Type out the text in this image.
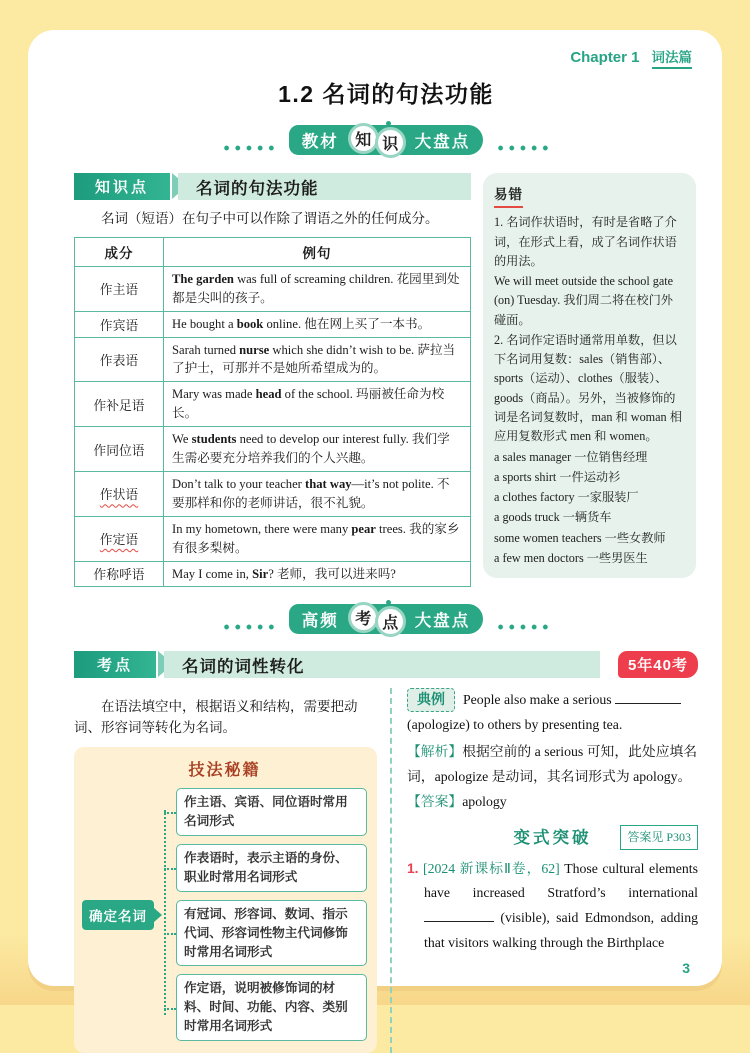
Chapter 1 词法篇
1.2 名词的句法功能
教材	知 识	大盘点
知识点	名词的句法功能
名词（短语）在句子中可以作除了谓语之外的任何成分。
成分	例句
作主语	The garden was full of screaming children. 花园里到处都是尖叫的孩子。
作宾语	He bought a book online. 他在网上买了一本书。
作表语	Sarah turned nurse which she didn’t wish to be. 萨拉当了护士，可那并不是她所希望成为的。
作补足语	Mary was made head of the school. 玛丽被任命为校长。
作同位语	We students need to develop our interest fully. 我们学生需必要充分培养我们的个人兴趣。
作状语	Don’t talk to your teacher that way—it’s not polite. 不要那样和你的老师讲话，很不礼貌。
作定语	In my hometown, there were many pear trees. 我的家乡有很多梨树。
作称呼语	May I come in, Sir? 老师，我可以进来吗?
易错

1. 名词作状语时，有时是省略了介词，在形式上看，成了名词作状语的用法。

We will meet outside the school gate (on) Tuesday. 我们周二将在校门外碰面。

2. 名词作定语时通常用单数，但以下名词用复数：sales（销售部）、sports（运动）、clothes（服装）、goods（商品）。另外，当被修饰的词是名词复数时，man 和 woman 相应用复数形式 men 和 women。

a sales manager 一位销售经理
a sports shirt 一件运动衫
a clothes factory 一家服装厂
a goods truck 一辆货车
some women teachers 一些女教师
a few men doctors 一些男医生
高频	考 点	大盘点
考点	名词的词性转化	5年40考
在语法填空中，根据语义和结构，需要把动词、形容词等转化为名词。
技法秘籍
确定名词
作主语、宾语、同位语时常用名词形式
作表语时，表示主语的身份、职业时常用名词形式
有冠词、形容词、数词、指示代词、形容词性物主代词修饰时常用名词形式
作定语，说明被修饰词的材料、时间、功能、内容、类别时常用名词形式
典例 People also make a serious  (apologize) to others by presenting tea.
【解析】根据空前的 a serious 可知，此处应填名词，apologize 是动词，其名词形式为 apology。
【答案】apology
变式突破	答案见 P303
1. [2024 新课标Ⅱ卷，62] Those cultural elements have increased Stratford’s international  (visible), said Edmondson, adding that visitors walking through the Birthplace
3
